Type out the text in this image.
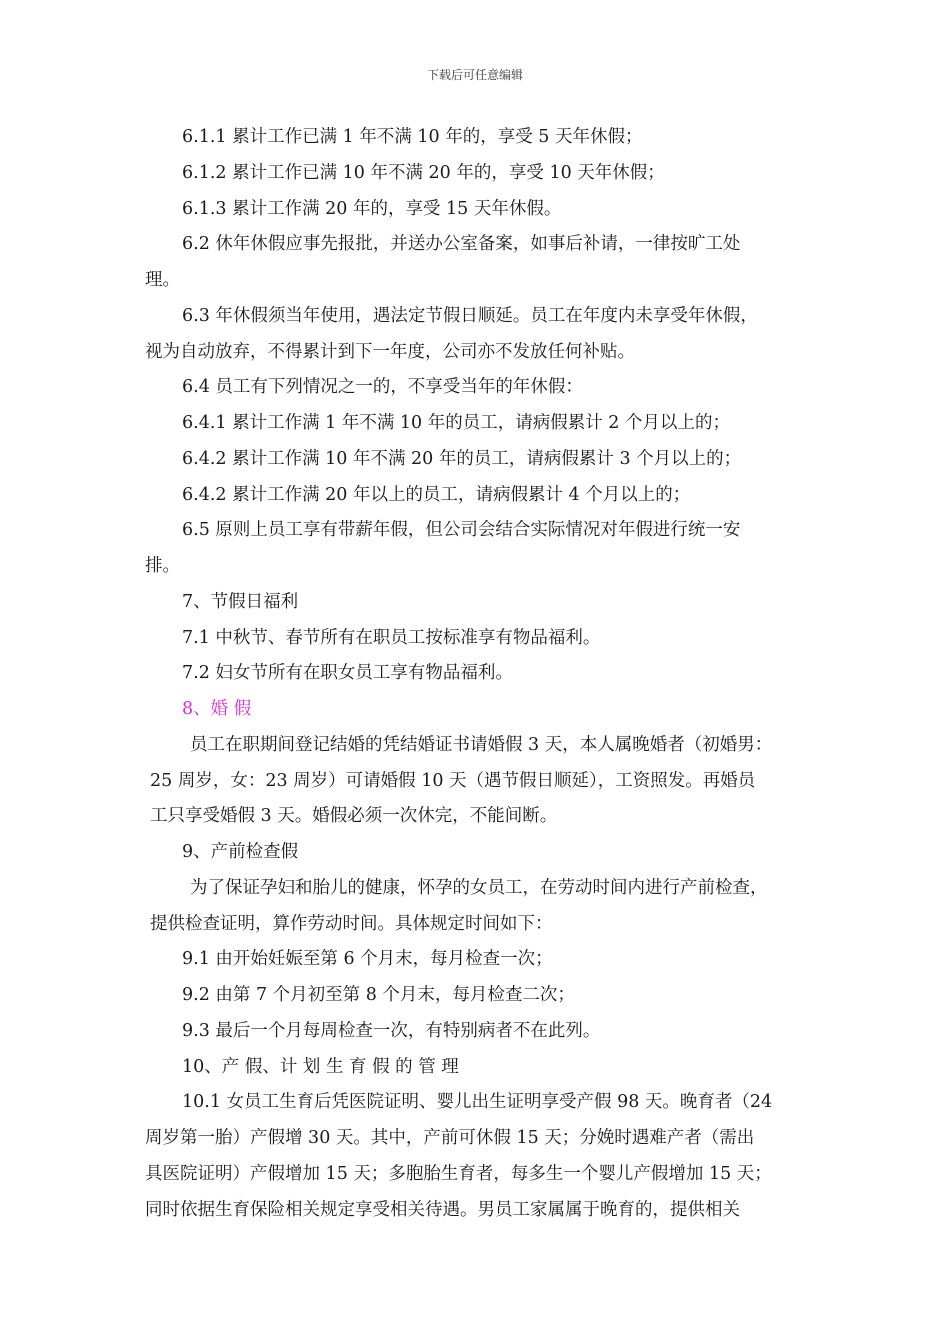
下载后可任意编辑
6.1.1 累计工作已满 1 年不满 10 年的，享受 5 天年休假；
6.1.2 累计工作已满 10 年不满 20 年的，享受 10 天年休假；
6.1.3 累计工作满 20 年的，享受 15 天年休假。
6.2 休年休假应事先报批，并送办公室备案，如事后补请，一律按旷工处
理。
6.3 年休假须当年使用，遇法定节假日顺延。员工在年度内未享受年休假，
视为自动放弃，不得累计到下一年度，公司亦不发放任何补贴。
6.4 员工有下列情况之一的，不享受当年的年休假：
6.4.1 累计工作满 1 年不满 10 年的员工，请病假累计 2 个月以上的；
6.4.2 累计工作满 10 年不满 20 年的员工，请病假累计 3 个月以上的；
6.4.2 累计工作满 20 年以上的员工，请病假累计 4 个月以上的；
6.5 原则上员工享有带薪年假，但公司会结合实际情况对年假进行统一安
排。
7、节假日福利
7.1 中秋节、春节所有在职员工按标准享有物品福利。
7.2 妇女节所有在职女员工享有物品福利。
8、婚 假
员工在职期间登记结婚的凭结婚证书请婚假 3 天，本人属晚婚者（初婚男：
25 周岁，女：23 周岁）可请婚假 10 天（遇节假日顺延），工资照发。再婚员
工只享受婚假 3 天。婚假必须一次休完，不能间断。
9、产前检查假
为了保证孕妇和胎儿的健康，怀孕的女员工，在劳动时间内进行产前检查，
提供检查证明，算作劳动时间。具体规定时间如下：
9.1 由开始妊娠至第 6 个月末，每月检查一次；
9.2 由第 7 个月初至第 8 个月末，每月检查二次；
9.3 最后一个月每周检查一次，有特别病者不在此列。
10、产 假、计 划 生 育 假 的 管 理
10.1 女员工生育后凭医院证明、婴儿出生证明享受产假 98 天。晚育者（24
周岁第一胎）产假增 30 天。其中，产前可休假 15 天；分娩时遇难产者（需出
具医院证明）产假增加 15 天；多胞胎生育者，每多生一个婴儿产假增加 15 天；
同时依据生育保险相关规定享受相关待遇。男员工家属属于晚育的，提供相关
